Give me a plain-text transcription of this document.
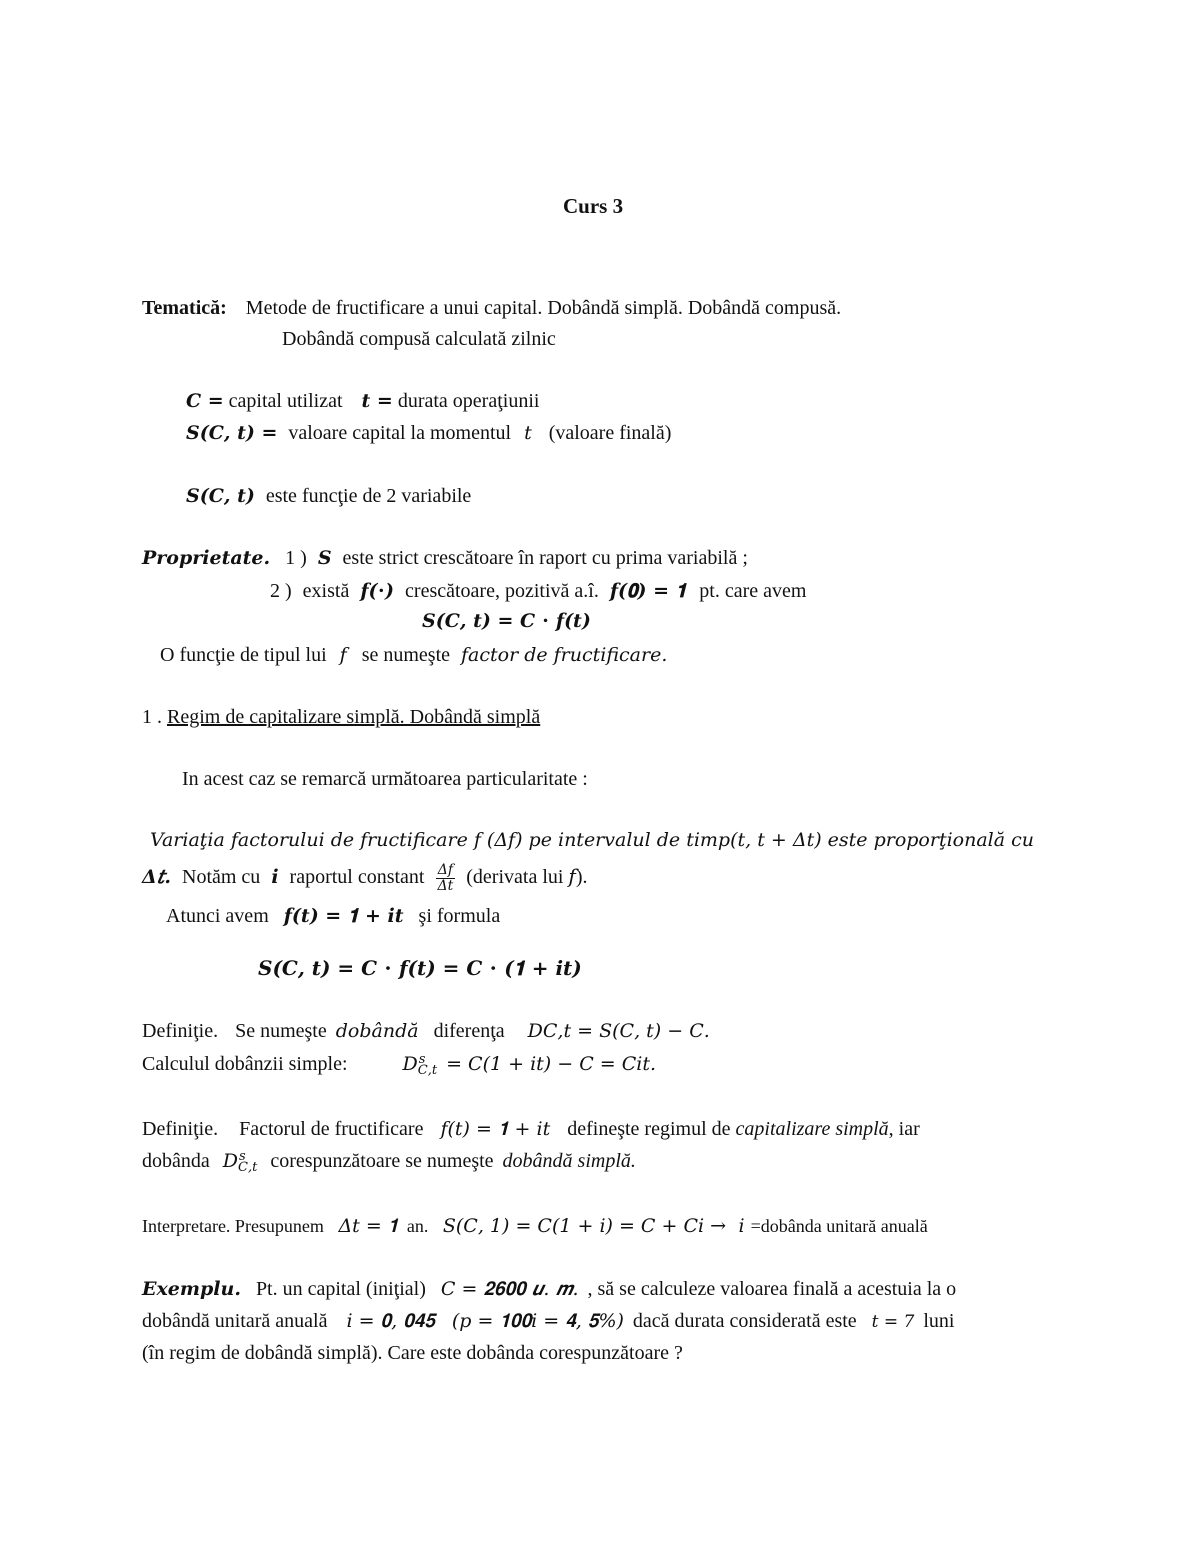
Curs 3
Tematică: Metode de fructificare a unui capital. Dobândă simplă. Dobândă compusă.
Dobândă compusă calculată zilnic
𝑪 = capital utilizat 𝒕 = durata operaţiunii
𝑺(𝑪, 𝒕) = valoare capital la momentul 𝑡 (valoare finală)
𝑺(𝑪, 𝒕) este funcţie de 2 variabile
Proprietate. 1 ) 𝑺 este strict crescătoare în raport cu prima variabilă ;
2 ) există 𝒇(⋅) crescătoare, pozitivă a.î. 𝒇(𝟎) = 𝟏 pt. care avem
𝑺(𝑪, 𝒕) = 𝑪 ⋅ 𝒇(𝒕)
O funcţie de tipul lui 𝑓 se numeşte factor de fructificare.
1 . Regim de capitalizare simplă. Dobândă simplă
In acest caz se remarcă următoarea particularitate :
Variaţia factorului de fructificare 𝑓 (Δ𝑓) pe intervalul de timp(𝑡, 𝑡 + Δ𝑡) este proporţională cu
Δ𝑡. Notăm cu 𝒊 raportul constant $\frac{\text{Δ𝑓}}{\text{Δ𝑡}}$ (derivata lui 𝑓).
Atunci avem 𝒇(𝒕) = 𝟏 + 𝒊𝒕 şi formula
𝑺(𝑪, 𝒕) = 𝑪 ⋅ 𝒇(𝒕) = 𝑪 ⋅ (𝟏 + 𝒊𝒕)
Definiţie. Se numeşte dobândă diferenţa 𝐷𝐶,𝑡 = 𝑆(𝐶, 𝑡) − 𝐶.
Calculul dobânzii simple:	𝐷 𝑠
𝐶,𝑡 = 𝐶(1 + 𝑖𝑡) − 𝐶 = 𝐶𝑖𝑡.
Definiţie. Factorul de fructificare 𝑓(𝑡) = 𝟏 + 𝑖𝑡 defineşte regimul de capitalizare simplă, iar
dobânda 𝐷 𝑠
𝐶,𝑡 corespunzătoare se numeşte dobândă simplă.
Interpretare. Presupunem Δ𝑡 = 𝟏 an. 𝑆(𝐶, 1) = 𝐶(1 + 𝑖) = 𝐶 + 𝐶𝑖 → 𝑖 =dobânda unitară anuală
Exemplu. Pt. un capital (iniţial) 𝐶 = 𝟐𝟔𝟎𝟎 𝒖. 𝒎. , să se calculeze valoarea finală a acestuia la o
dobândă unitară anuală 𝑖 = 𝟎, 𝟎𝟒𝟓 (𝑝 = 𝟏𝟎𝟎𝑖 = 𝟒, 𝟓%) dacă durata considerată este 𝑡 = 7 luni
(în regim de dobândă simplă). Care este dobânda corespunzătoare ?
